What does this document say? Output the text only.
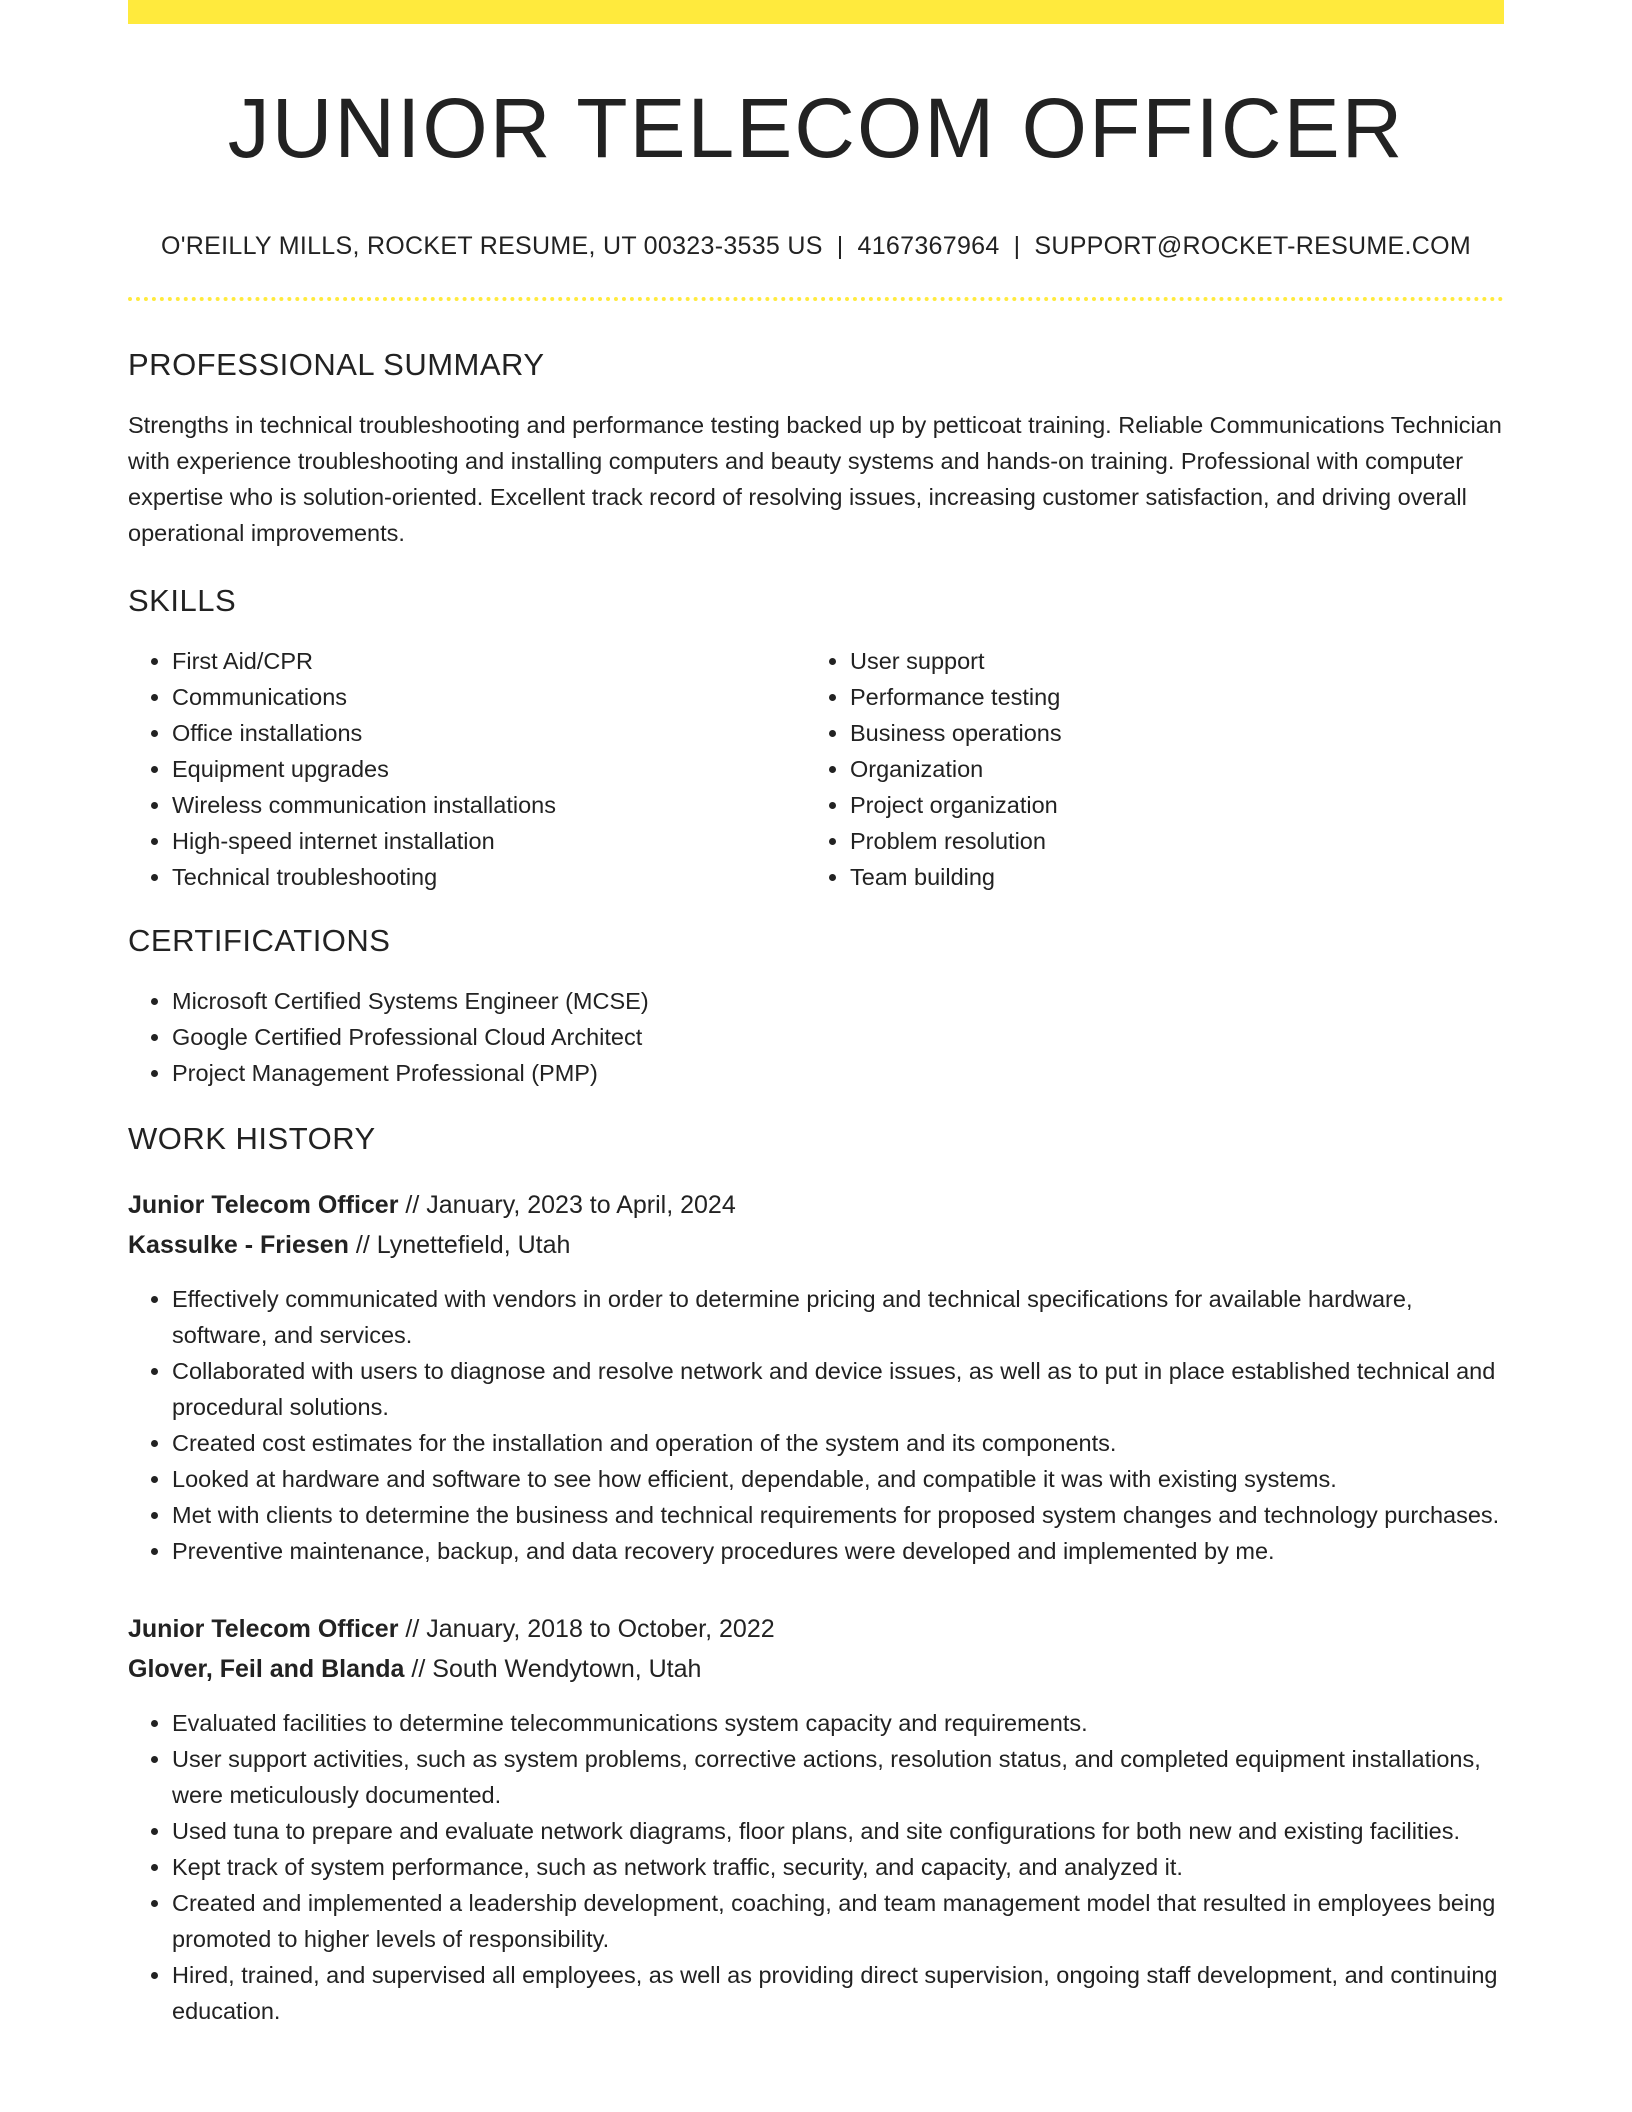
JUNIOR TELECOM OFFICER
O'REILLY MILLS, ROCKET RESUME, UT 00323-3535 US | 4167367964 | SUPPORT@ROCKET-RESUME.COM
PROFESSIONAL SUMMARY

Strengths in technical troubleshooting and performance testing backed up by petticoat training. Reliable Communications Technician with experience troubleshooting and installing computers and beauty systems and hands-on training. Professional with computer expertise who is solution-oriented. Excellent track record of resolving issues, increasing customer satisfaction, and driving overall operational improvements.

SKILLS
• First Aid/CPR
• Communications
• Office installations
• Equipment upgrades
• Wireless communication installations
• High-speed internet installation
• Technical troubleshooting
• User support
• Performance testing
• Business operations
• Organization
• Project organization
• Problem resolution
• Team building
CERTIFICATIONS
• Microsoft Certified Systems Engineer (MCSE)
• Google Certified Professional Cloud Architect
• Project Management Professional (PMP)
WORK HISTORY
Junior Telecom Officer // January, 2023 to April, 2024
Kassulke - Friesen // Lynettefield, Utah
• Effectively communicated with vendors in order to determine pricing and technical specifications for available hardware, software, and services.
• Collaborated with users to diagnose and resolve network and device issues, as well as to put in place established technical and procedural solutions.
• Created cost estimates for the installation and operation of the system and its components.
• Looked at hardware and software to see how efficient, dependable, and compatible it was with existing systems.
• Met with clients to determine the business and technical requirements for proposed system changes and technology purchases.
• Preventive maintenance, backup, and data recovery procedures were developed and implemented by me.
Junior Telecom Officer // January, 2018 to October, 2022
Glover, Feil and Blanda // South Wendytown, Utah
• Evaluated facilities to determine telecommunications system capacity and requirements.
• User support activities, such as system problems, corrective actions, resolution status, and completed equipment installations, were meticulously documented.
• Used tuna to prepare and evaluate network diagrams, floor plans, and site configurations for both new and existing facilities.
• Kept track of system performance, such as network traffic, security, and capacity, and analyzed it.
• Created and implemented a leadership development, coaching, and team management model that resulted in employees being promoted to higher levels of responsibility.
• Hired, trained, and supervised all employees, as well as providing direct supervision, ongoing staff development, and continuing education.
